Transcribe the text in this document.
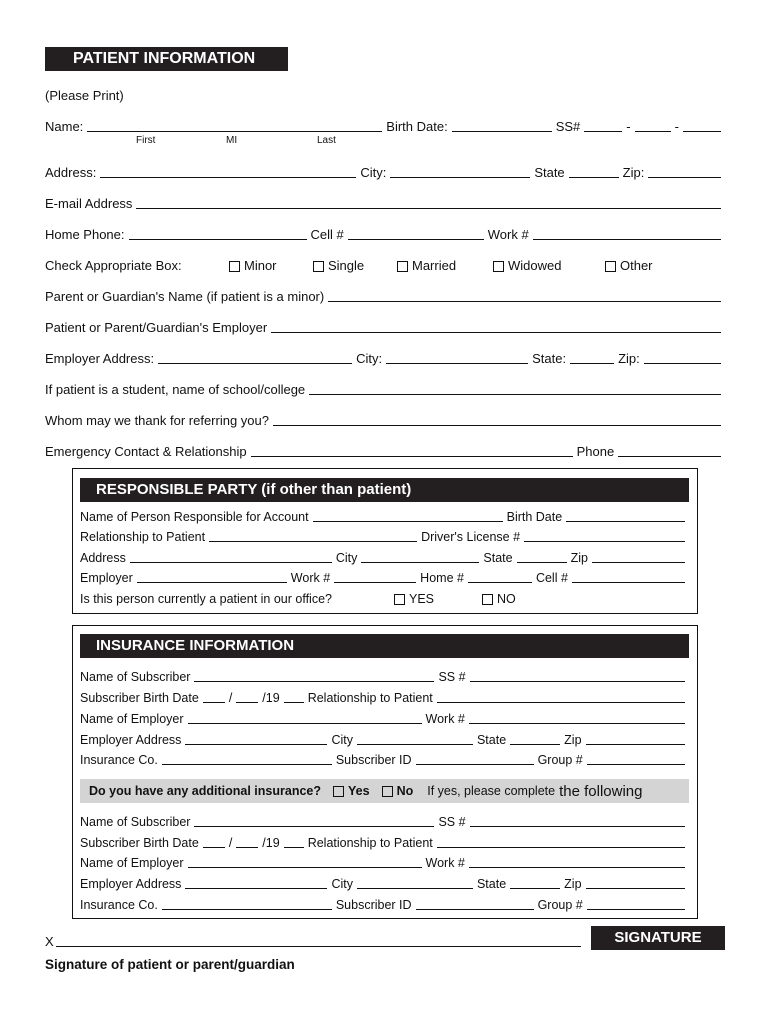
PATIENT INFORMATION
(Please Print)
Name:	Birth Date:	SS#	-	-
First	MI	Last
Address:	City:	State	Zip:
E-mail Address
Home Phone:	Cell #	Work #
Check Appropriate Box:	Minor	Single	Married	Widowed	Other
Parent or Guardian's Name (if patient is a minor)
Patient or Parent/Guardian's Employer
Employer Address:	City:	State:	Zip:
If patient is a student, name of school/college
Whom may we thank for referring you?
Emergency Contact & Relationship	Phone
RESPONSIBLE PARTY (if other than patient)
Name of Person Responsible for Account	Birth Date
Relationship to Patient	Driver's License #
Address	City	State	Zip
Employer	Work #	Home #	Cell #
Is this person currently a patient in our office?	YES	NO
INSURANCE INFORMATION
Name of Subscriber	SS #
Subscriber Birth Date / /19 Relationship to Patient
Name of Employer	Work #
Employer Address	City	State	Zip
Insurance Co.	Subscriber ID	Group #
Do you have any additional insurance? Yes No If yes, please complete the following
Name of Subscriber	SS #
Subscriber Birth Date / /19 Relationship to Patient
Name of Employer	Work #
Employer Address	City	State	Zip
Insurance Co.	Subscriber ID	Group #
X	SIGNATURE
Signature of patient or parent/guardian
